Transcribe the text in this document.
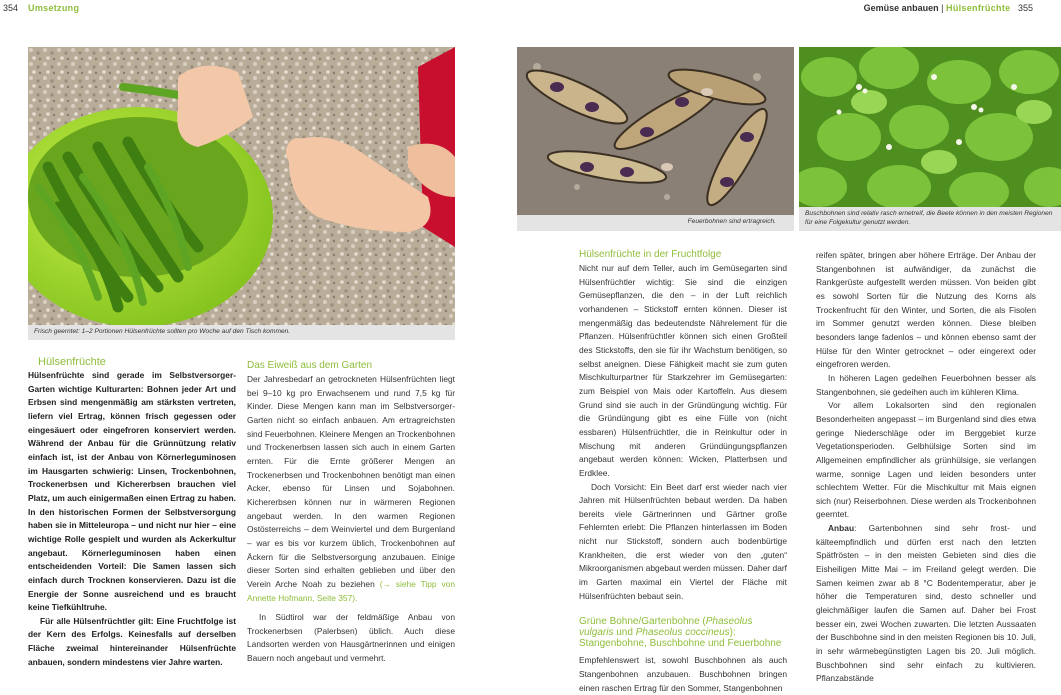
354 Umsetzung	Gemüse anbauen | Hülsenfrüchte 355
Frisch geerntet: 1–2 Portionen Hülsenfrüchte sollten pro Woche auf den Tisch kommen.
Feuerbohnen sind ertragreich.
Buschbohnen sind relativ rasch ernetreif, die Beete können in den meisten Regionen für eine Folgekultur genutzt werden.
Hülsenfrüchte

Hülsenfrüchte sind gerade im Selbstversorger-Garten wichtige Kulturarten: Bohnen jeder Art und Erbsen sind mengenmäßig am stärksten vertreten, liefern viel Ertrag, können frisch gegessen oder eingesäuert oder eingefroren konserviert werden. Während der Anbau für die Grünnützung relativ einfach ist, ist der Anbau von Körnerleguminosen im Hausgarten schwierig: Linsen, Trockenbohnen, Trockenerbsen und Kichererbsen brauchen viel Platz, um auch einigermaßen einen Ertrag zu haben. In den historischen Formen der Selbstversorgung haben sie in Mitteleuropa – und nicht nur hier – eine wichtige Rolle gespielt und wurden als Ackerkultur angebaut. Körnerleguminosen haben einen entscheidenden Vorteil: Die Samen lassen sich einfach durch Trocknen konservieren. Dazu ist die Energie der Sonne ausreichend und es braucht keine Tiefkühltruhe.

Für alle Hülsenfrüchtler gilt: Eine Fruchtfolge ist der Kern des Erfolgs. Keinesfalls auf derselben Fläche zweimal hintereinander Hülsenfrüchte anbauen, sondern mindestens vier Jahre warten.

Das Eiweiß aus dem Garten

Der Jahresbedarf an getrockneten Hülsenfrüchten liegt bei 9–10 kg pro Erwachsenem und rund 7,5 kg für Kinder. Diese Mengen kann man im Selbstversorger-Garten nicht so einfach anbauen. Am ertragreichsten sind Feuerbohnen. Kleinere Mengen an Trockenbohnen und Trockenerbsen lassen sich auch in einem Garten ernten. Für die Ernte größerer Mengen an Trockenerbsen und Trockenbohnen benötigt man einen Acker, ebenso für Linsen und Sojabohnen. Kichererbsen können nur in wärmeren Regionen angebaut werden. In den warmen Regionen Ostösterreichs – dem Weinviertel und dem Burgenland – war es bis vor kurzem üblich, Trockenbohnen auf Äckern für die Selbstversorgung anzubauen. Einige dieser Sorten sind erhalten geblieben und über den Verein Arche Noah zu beziehen (→ siehe Tipp von Annette Hofmann, Seite 357).

In Südtirol war der feldmäßige Anbau von Trockenerbsen (Palerbsen) üblich. Auch diese Landsorten werden von Hausgärtnerinnen und einigen Bauern noch angebaut und vermehrt.

Hülsenfrüchte in der Fruchtfolge

Nicht nur auf dem Teller, auch im Gemüsegarten sind Hülsenfrüchtler wichtig: Sie sind die einzigen Gemüsepflanzen, die den – in der Luft reichlich vorhandenen – Stickstoff ernten können. Dieser ist mengenmäßig das bedeutendste Nährelement für die Pflanzen. Hülsenfrüchtler können sich einen Großteil des Stickstoffs, den sie für ihr Wachstum benötigen, so selbst aneignen. Diese Fähigkeit macht sie zum guten Mischkulturpartner für Starkzehrer im Gemüsegarten: zum Beispiel von Mais oder Kartoffeln. Aus diesem Grund sind sie auch in der Gründüngung wichtig. Für die Gründüngung gibt es eine Fülle von (nicht essbaren) Hülsenfrüchtler, die in Reinkultur oder in Mischung mit anderen Gründüngungspflanzen angebaut werden können: Wicken, Platterbsen und Erdklee.

Doch Vorsicht: Ein Beet darf erst wieder nach vier Jahren mit Hülsenfrüchten bebaut werden. Da haben bereits viele Gärtnerinnen und Gärtner große Fehlernten erlebt: Die Pflanzen hinterlassen im Boden nicht nur Stickstoff, sondern auch bodenbürtige Krankheiten, die erst wieder von den „guten“ Mikroorganismen abgebaut werden müssen. Daher darf im Garten maximal ein Viertel der Fläche mit Hülsenfrüchten bebaut sein.

Grüne Bohne/Gartenbohne (Phaseolus vulgaris und Phaseolus coccineus): Stangenbohne, Buschbohne und Feuerbohne

Empfehlenswert ist, sowohl Buschbohnen als auch Stangenbohnen anzubauen. Buschbohnen bringen einen raschen Ertrag für den Sommer, Stangenbohnen

reifen später, bringen aber höhere Erträge. Der Anbau der Stangenbohnen ist aufwändiger, da zunächst die Rankgerüste aufgestellt werden müssen. Von beiden gibt es sowohl Sorten für die Nutzung des Korns als Trockenfrucht für den Winter, und Sorten, die als Fisolen im Sommer genutzt werden können. Diese bleiben besonders lange fadenlos – und können ebenso samt der Hülse für den Winter getrocknet – oder eingerext oder eingefroren werden.

In höheren Lagen gedeihen Feuerbohnen besser als Stangenbohnen, sie gedeihen auch im kühleren Klima.

Vor allem Lokalsorten sind den regionalen Besonderheiten angepasst – im Burgenland sind dies etwa geringe Niederschläge oder im Berggebiet kurze Vegetationsperioden. Gelbhülsige Sorten sind im Allgemeinen empfindlicher als grünhülsige, sie verlangen warme, sonnige Lagen und leiden besonders unter schlechtem Wetter. Für die Mischkultur mit Mais eignen sich (nur) Reiserbohnen. Diese werden als Trockenbohnen geerntet.

Anbau: Gartenbohnen sind sehr frost- und kälteempfindlich und dürfen erst nach den letzten Spätfrösten – in den meisten Gebieten sind dies die Eisheiligen Mitte Mai – im Freiland gelegt werden. Die Samen keimen zwar ab 8 °C Bodentemperatur, aber je höher die Temperaturen sind, desto schneller und gleichmäßiger laufen die Samen auf. Daher bei Frost besser ein, zwei Wochen zuwarten. Die letzten Aussaaten der Buschbohne sind in den meisten Regionen bis 10. Juli, in sehr wärmebegünstigten Lagen bis 20. Juli möglich. Buschbohnen sind sehr einfach zu kultivieren. Pflanzabstände
